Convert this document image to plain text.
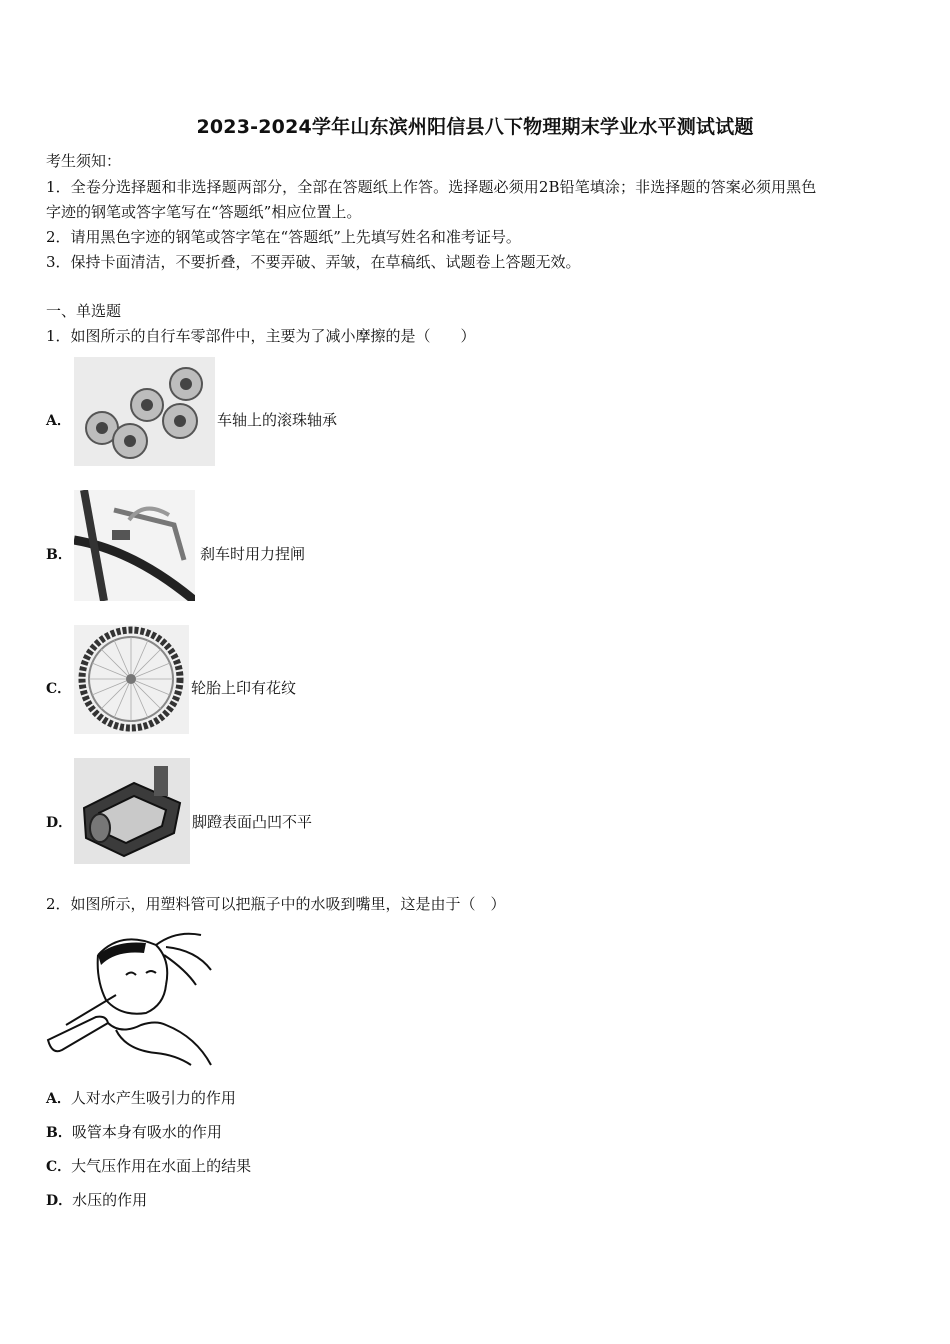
2023-2024学年山东滨州阳信县八下物理期末学业水平测试试题
考生须知：
1．全卷分选择题和非选择题两部分，全部在答题纸上作答。选择题必须用2B铅笔填涂；非选择题的答案必须用黑色
字迹的钢笔或答字笔写在“答题纸”相应位置上。
2．请用黑色字迹的钢笔或答字笔在“答题纸”上先填写姓名和准考证号。
3．保持卡面清洁，不要折叠，不要弄破、弄皱，在草稿纸、试题卷上答题无效。
一、单选题
1．如图所示的自行车零部件中，主要为了减小摩擦的是（　　）
A．	车轴上的滚珠轴承
B．	刹车时用力捏闸
C．	轮胎上印有花纹
D．	脚蹬表面凸凹不平
2．如图所示，用塑料管可以把瓶子中的水吸到嘴里，这是由于（　）
A．人对水产生吸引力的作用
B．吸管本身有吸水的作用
C．大气压作用在水面上的结果
D．水压的作用
